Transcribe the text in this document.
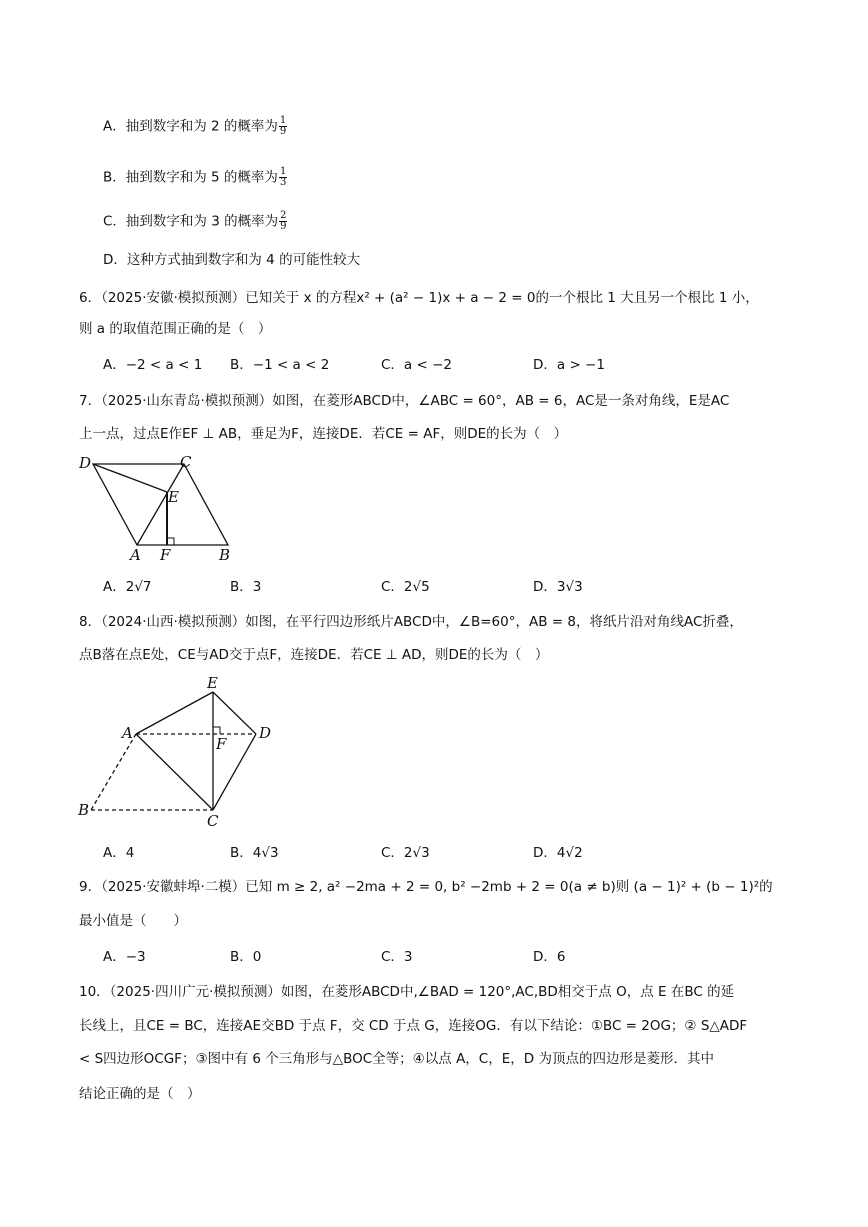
A．抽到数字和为 2 的概率为 $\frac{1}{9}$
B．抽到数字和为 5 的概率为 $\frac{1}{3}$
C．抽到数字和为 3 的概率为 $\frac{2}{9}$
D．这种方式抽到数字和为 4 的可能性较大
6．（2025·安徽·模拟预测）已知关于 x 的方程x² + (a² − 1)x + a − 2 = 0的一个根比 1 大且另一个根比 1 小，
则 a 的取值范围正确的是（　）
A．−2 < a < 1 B．−1 < a < 2	C．a < −2	D．a > −1
7．（2025·山东青岛·模拟预测）如图，在菱形ABCD中，∠ABC = 60°，AB = 6，AC是一条对角线，E是AC
上一点，过点E作EF ⊥ AB，垂足为F，连接DE．若CE = AF，则DE的长为（　）
D	C
E
A F	B
A．2√7	B．3	C．2√5	D．3√3
8．（2024·山西·模拟预测）如图，在平行四边形纸片ABCD中，∠B=60°，AB = 8，将纸片沿对角线AC折叠，
点B落在点E处，CE与AD交于点F，连接DE．若CE ⊥ AD，则DE的长为（　）
E
A
F
D
B
C
A．4	B．4√3	C．2√3	D．4√2
9．（2025·安徽蚌埠·二模）已知 m ≥ 2, a² −2ma + 2 = 0, b² −2mb + 2 = 0(a ≠ b)则 (a − 1)² + (b − 1)²的
最小值是（　　）
A．−3	B．0	C．3	D．6
10．（2025·四川广元·模拟预测）如图，在菱形ABCD中,∠BAD = 120°,AC,BD相交于点 O，点 E 在BC 的延
长线上，且CE = BC，连接AE交BD 于点 F，交 CD 于点 G，连接OG．有以下结论：①BC = 2OG；② S△ADF
< S四边形OCGF；③图中有 6 个三角形与△BOC全等；④以点 A，C，E，D 为顶点的四边形是菱形．其中
结论正确的是（　）
